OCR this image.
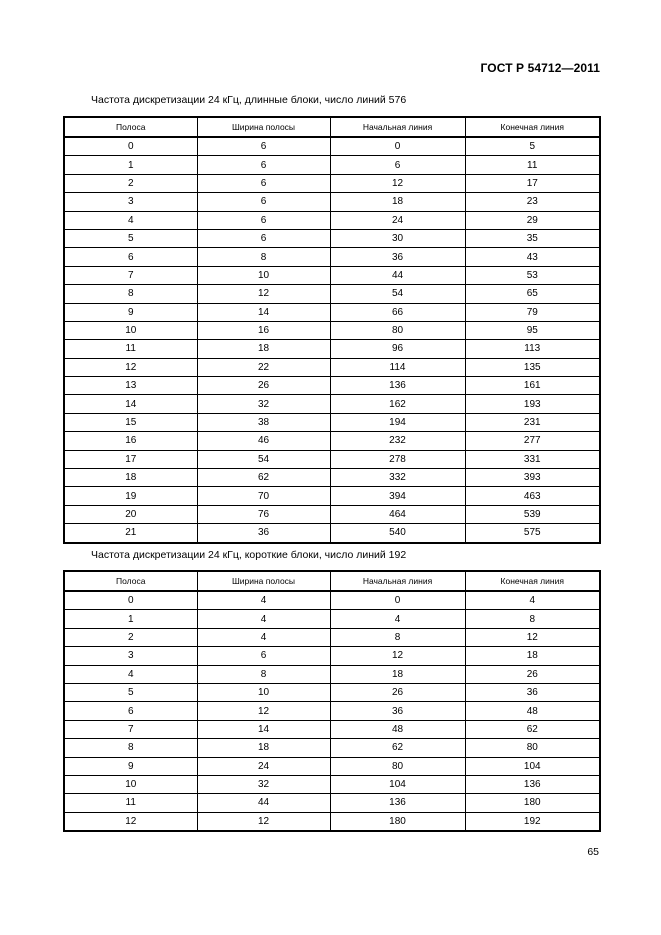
ГОСТ Р 54712—2011
Частота дискретизации 24 кГц, длинные блоки, число линий 576
Полоса	Ширина полосы	Начальная линия	Конечная линия
0	6	0	5
1	6	6	11
2	6	12	17
3	6	18	23
4	6	24	29
5	6	30	35
6	8	36	43
7	10	44	53
8	12	54	65
9	14	66	79
10	16	80	95
11	18	96	113
12	22	114	135
13	26	136	161
14	32	162	193
15	38	194	231
16	46	232	277
17	54	278	331
18	62	332	393
19	70	394	463
20	76	464	539
21	36	540	575
Частота дискретизации 24 кГц, короткие блоки, число линий 192
Полоса	Ширина полосы	Начальная линия	Конечная линия
0	4	0	4
1	4	4	8
2	4	8	12
3	6	12	18
4	8	18	26
5	10	26	36
6	12	36	48
7	14	48	62
8	18	62	80
9	24	80	104
10	32	104	136
11	44	136	180
12	12	180	192
65
